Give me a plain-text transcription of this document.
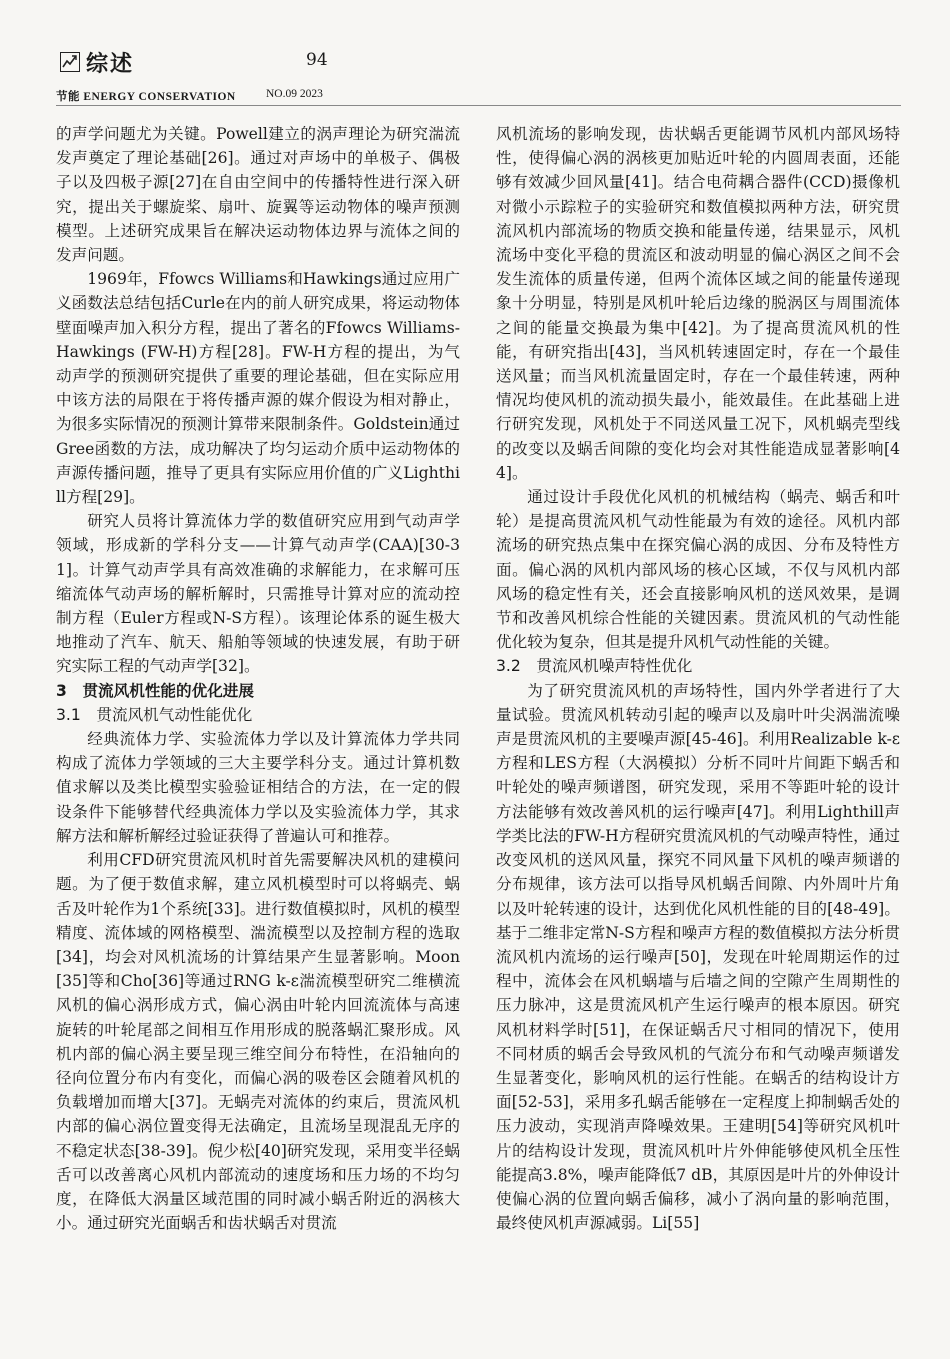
综述	94
节能 ENERGY CONSERVATION	NO.09 2023

的声学问题尤为关键。Powell建立的涡声理论为研究湍流发声奠定了理论基础[26]。通过对声场中的单极子、偶极子以及四极子源[27]在自由空间中的传播特性进行深入研究，提出关于螺旋桨、扇叶、旋翼等运动物体的噪声预测模型。上述研究成果旨在解决运动物体边界与流体之间的发声问题。

1969年，Ffowcs Williams和Hawkings通过应用广义函数法总结包括Curle在内的前人研究成果，将运动物体壁面噪声加入积分方程，提出了著名的Ffowcs Williams-Hawkings (FW-H)方程[28]。FW-H方程的提出，为气动声学的预测研究提供了重要的理论基础，但在实际应用中该方法的局限在于将传播声源的媒介假设为相对静止，为很多实际情况的预测计算带来限制条件。Goldstein通过Gree函数的方法，成功解决了均匀运动介质中运动物体的声源传播问题，推导了更具有实际应用价值的广义Lighthill方程[29]。

研究人员将计算流体力学的数值研究应用到气动声学领域，形成新的学科分支——计算气动声学(CAA)[30-31]。计算气动声学具有高效准确的求解能力，在求解可压缩流体气动声场的解析解时，只需推导计算对应的流动控制方程（Euler方程或N-S方程）。该理论体系的诞生极大地推动了汽车、航天、船舶等领域的快速发展，有助于研究实际工程的气动声学[32]。

3　贯流风机性能的优化进展
3.1　贯流风机气动性能优化

经典流体力学、实验流体力学以及计算流体力学共同构成了流体力学领域的三大主要学科分支。通过计算机数值求解以及类比模型实验验证相结合的方法，在一定的假设条件下能够替代经典流体力学以及实验流体力学，其求解方法和解析解经过验证获得了普遍认可和推荐。

利用CFD研究贯流风机时首先需要解决风机的建模问题。为了便于数值求解，建立风机模型时可以将蜗壳、蜗舌及叶轮作为1个系统[33]。进行数值模拟时，风机的模型精度、流体域的网格模型、湍流模型以及控制方程的选取[34]，均会对风机流场的计算结果产生显著影响。Moon[35]等和Cho[36]等通过RNG k-ε湍流模型研究二维横流风机的偏心涡形成方式，偏心涡由叶轮内回流流体与高速旋转的叶轮尾部之间相互作用形成的脱落蜗汇聚形成。风机内部的偏心涡主要呈现三维空间分布特性，在沿轴向的径向位置分布内有变化，而偏心涡的吸卷区会随着风机的负载增加而增大[37]。无蜗壳对流体的约束后，贯流风机内部的偏心涡位置变得无法确定，且流场呈现混乱无序的不稳定状态[38-39]。倪少松[40]研究发现，采用变半径蜗舌可以改善离心风机内部流动的速度场和压力场的不均匀度，在降低大涡量区域范围的同时减小蜗舌附近的涡核大小。通过研究光面蜗舌和齿状蜗舌对贯流

风机流场的影响发现，齿状蜗舌更能调节风机内部风场特性，使得偏心涡的涡核更加贴近叶轮的内圆周表面，还能够有效减少回风量[41]。结合电荷耦合器件(CCD)摄像机对微小示踪粒子的实验研究和数值模拟两种方法，研究贯流风机内部流场的物质交换和能量传递，结果显示，风机流场中变化平稳的贯流区和波动明显的偏心涡区之间不会发生流体的质量传递，但两个流体区域之间的能量传递现象十分明显，特别是风机叶轮后边缘的脱涡区与周围流体之间的能量交换最为集中[42]。为了提高贯流风机的性能，有研究指出[43]，当风机转速固定时，存在一个最佳送风量；而当风机流量固定时，存在一个最佳转速，两种情况均使风机的流动损失最小，能效最佳。在此基础上进行研究发现，风机处于不同送风量工况下，风机蜗壳型线的改变以及蜗舌间隙的变化均会对其性能造成显著影响[44]。

通过设计手段优化风机的机械结构（蜗壳、蜗舌和叶轮）是提高贯流风机气动性能最为有效的途径。风机内部流场的研究热点集中在探究偏心涡的成因、分布及特性方面。偏心涡的风机内部风场的核心区域，不仅与风机内部风场的稳定性有关，还会直接影响风机的送风效果，是调节和改善风机综合性能的关键因素。贯流风机的气动性能优化较为复杂，但其是提升风机气动性能的关键。

3.2　贯流风机噪声特性优化

为了研究贯流风机的声场特性，国内外学者进行了大量试验。贯流风机转动引起的噪声以及扇叶叶尖涡湍流噪声是贯流风机的主要噪声源[45-46]。利用Realizable k-ε方程和LES方程（大涡模拟）分析不同叶片间距下蜗舌和叶轮处的噪声频谱图，研究发现，采用不等距叶轮的设计方法能够有效改善风机的运行噪声[47]。利用Lighthill声学类比法的FW-H方程研究贯流风机的气动噪声特性，通过改变风机的送风风量，探究不同风量下风机的噪声频谱的分布规律，该方法可以指导风机蜗舌间隙、内外周叶片角以及叶轮转速的设计，达到优化风机性能的目的[48-49]。基于二维非定常N-S方程和噪声方程的数值模拟方法分析贯流风机内流场的运行噪声[50]，发现在叶轮周期运作的过程中，流体会在风机蜗墙与后墙之间的空隙产生周期性的压力脉冲，这是贯流风机产生运行噪声的根本原因。研究风机材料学时[51]，在保证蜗舌尺寸相同的情况下，使用不同材质的蜗舌会导致风机的气流分布和气动噪声频谱发生显著变化，影响风机的运行性能。在蜗舌的结构设计方面[52-53]，采用多孔蜗舌能够在一定程度上抑制蜗舌处的压力波动，实现消声降噪效果。王建明[54]等研究风机叶片的结构设计发现，贯流风机叶片外伸能够使风机全压性能提高3.8%，噪声能降低7 dB，其原因是叶片的外伸设计使偏心涡的位置向蜗舌偏移，减小了涡向量的影响范围，最终使风机声源减弱。Li[55]
